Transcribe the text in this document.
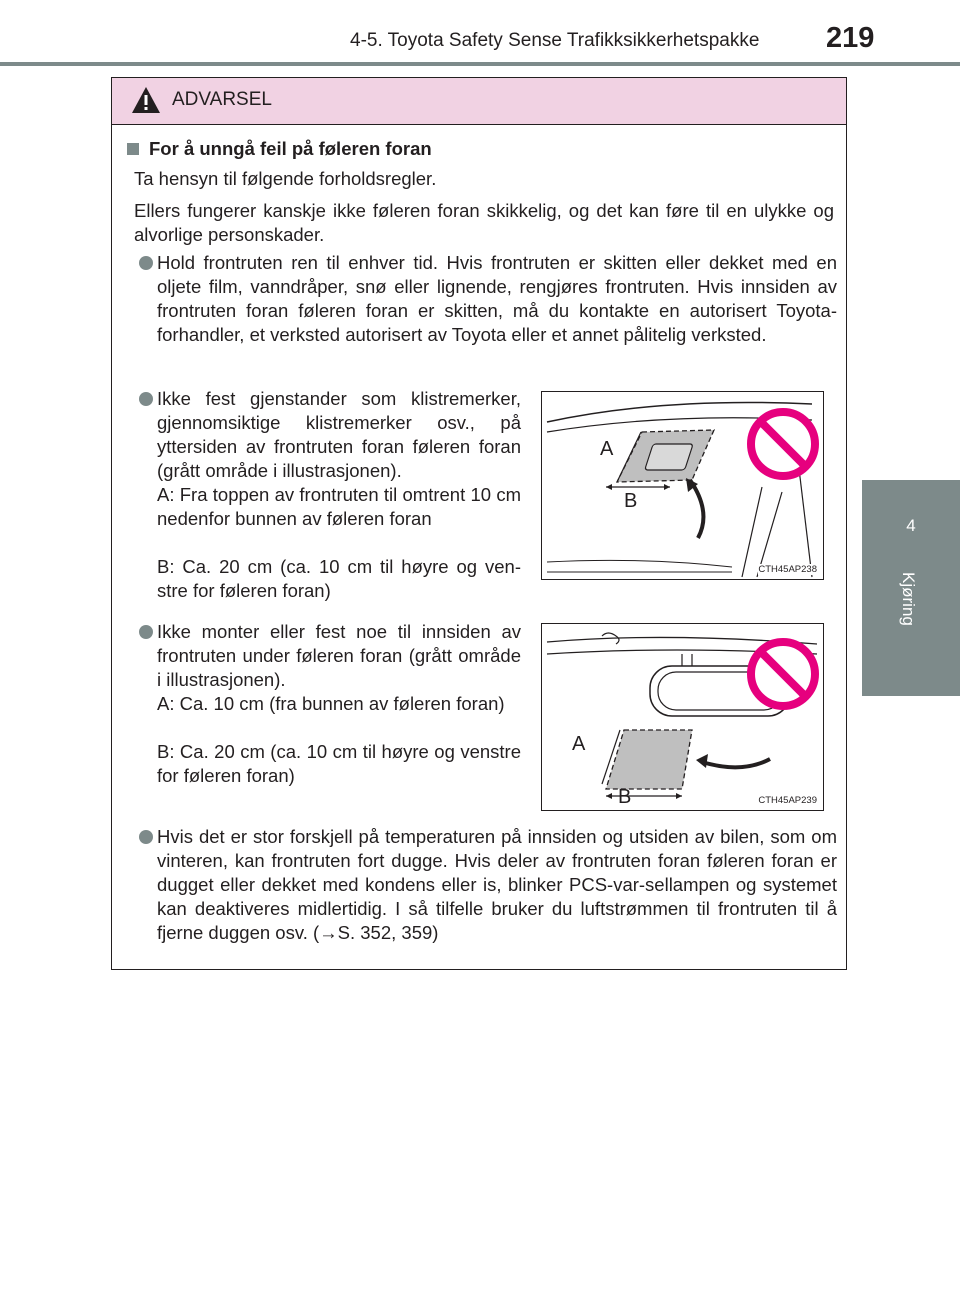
4-5. Toyota Safety Sense Trafikksikkerhetspakke 219
4
Kjøring
ADVARSEL
For å unngå feil på føleren foran
Ta hensyn til følgende forholdsregler.
Ellers fungerer kanskje ikke føleren foran skikkelig, og det kan føre til en ulykke og alvorlige personskader.
Hold frontruten ren til enhver tid. Hvis frontruten er skitten eller dekket med en oljete film, vanndråper, snø eller lignende, rengjøres frontruten. Hvis innsiden av frontruten foran føleren foran er skitten, må du kontakte en autorisert Toyota-forhandler, et verksted autorisert av Toyota eller et annet pålitelig verksted.
Ikke fest gjenstander som klistremerker, gjennomsiktige klistremerker osv., på yttersiden av frontruten foran føleren foran (grått område i illustrasjonen).
A: Fra toppen av frontruten til omtrent 10 cm nedenfor bunnen av føleren foran
B: Ca. 20 cm (ca. 10 cm til høyre og ven-stre for føleren foran)
A
B
CTH45AP238
Ikke monter eller fest noe til innsiden av frontruten under føleren foran (grått område i illustrasjonen).
A: Ca. 10 cm (fra bunnen av føleren foran)
B: Ca. 20 cm (ca. 10 cm til høyre og venstre for føleren foran)
A
B	CTH45AP239
Hvis det er stor forskjell på temperaturen på innsiden og utsiden av bilen, som om vinteren, kan frontruten fort dugge. Hvis deler av frontruten foran føleren foran er dugget eller dekket med kondens eller is, blinker PCS-var-sellampen og systemet kan deaktiveres midlertidig. I så tilfelle bruker du luftstrømmen til frontruten til å fjerne duggen osv. (→S. 352, 359)
